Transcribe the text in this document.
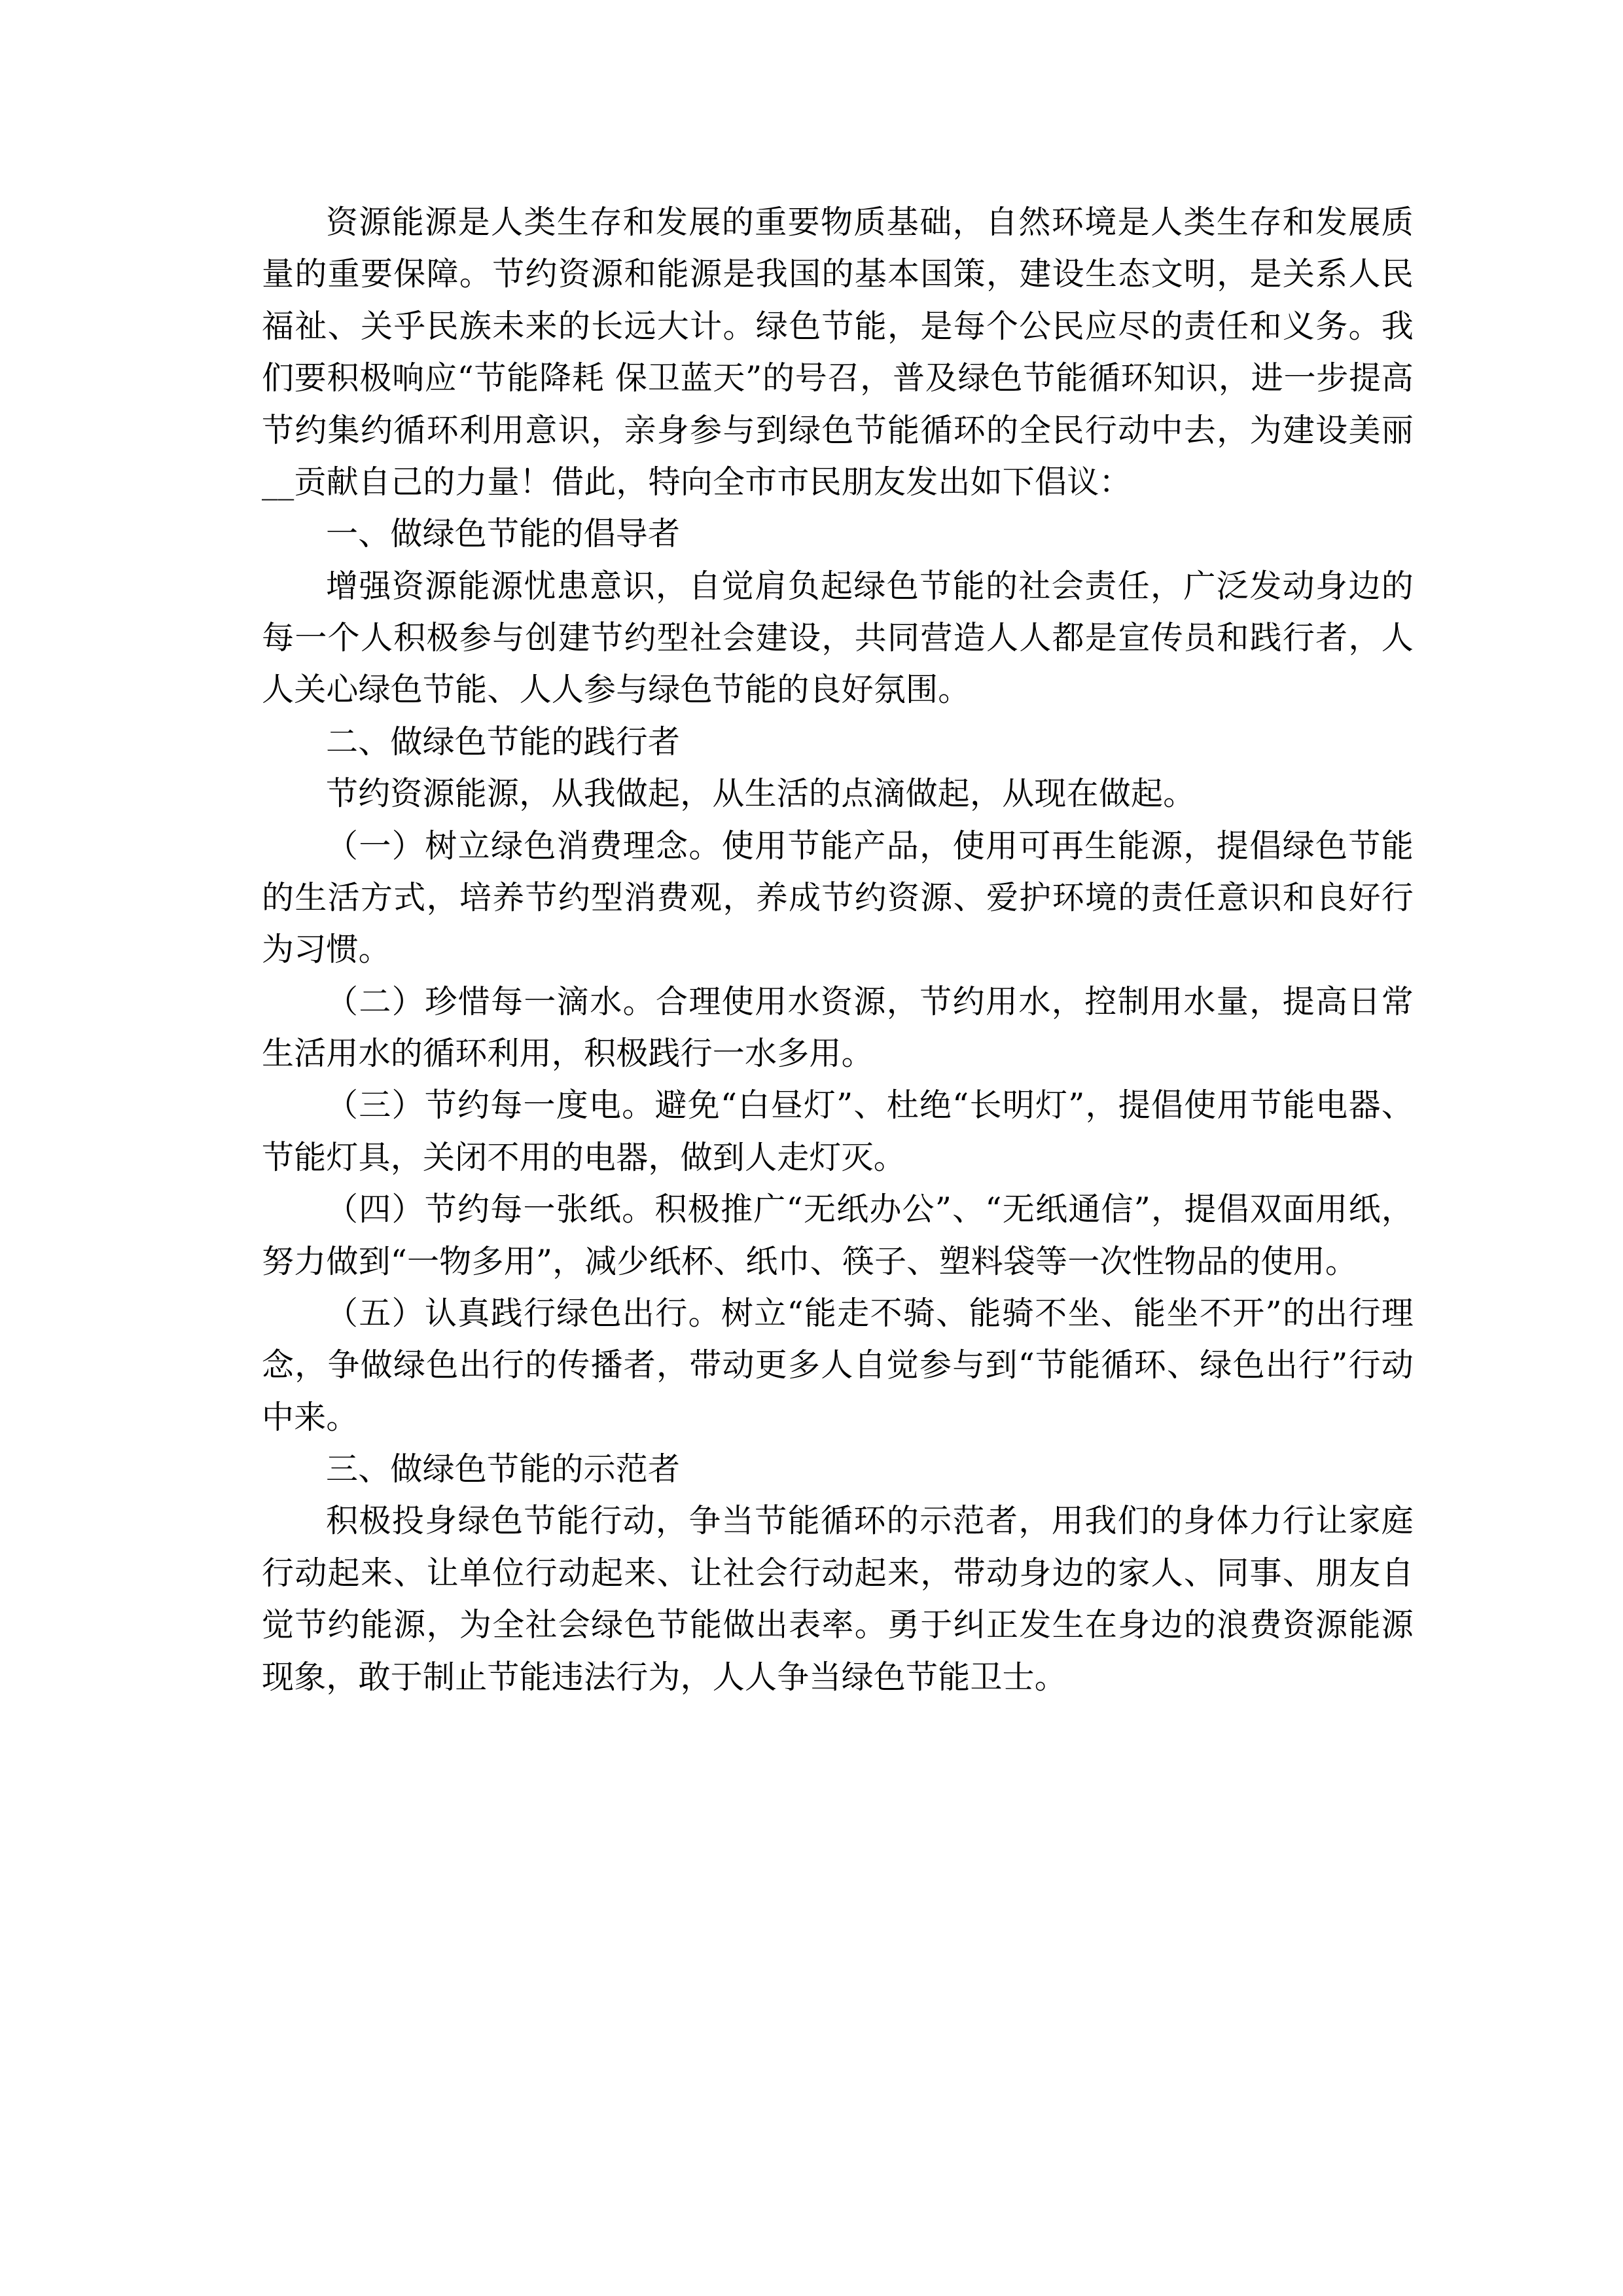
资源能源是人类生存和发展的重要物质基础，自然环境是人类生存和发展质量的重要保障。节约资源和能源是我国的基本国策，建设生态文明，是关系人民福祉、关乎民族未来的长远大计。绿色节能，是每个公民应尽的责任和义务。我们要积极响应“节能降耗 保卫蓝天”的号召，普及绿色节能循环知识，进一步提高节约集约循环利用意识，亲身参与到绿色节能循环的全民行动中去，为建设美丽__贡献自己的力量！借此，特向全市市民朋友发出如下倡议：

一、做绿色节能的倡导者

增强资源能源忧患意识，自觉肩负起绿色节能的社会责任，广泛发动身边的每一个人积极参与创建节约型社会建设，共同营造人人都是宣传员和践行者，人人关心绿色节能、人人参与绿色节能的良好氛围。

二、做绿色节能的践行者

节约资源能源，从我做起，从生活的点滴做起，从现在做起。

（一）树立绿色消费理念。使用节能产品，使用可再生能源，提倡绿色节能的生活方式，培养节约型消费观，养成节约资源、爱护环境的责任意识和良好行为习惯。

（二）珍惜每一滴水。合理使用水资源，节约用水，控制用水量，提高日常生活用水的循环利用，积极践行一水多用。

（三）节约每一度电。避免“白昼灯”、杜绝“长明灯”，提倡使用节能电器、节能灯具，关闭不用的电器，做到人走灯灭。

（四）节约每一张纸。积极推广“无纸办公”、“无纸通信”，提倡双面用纸，努力做到“一物多用”，减少纸杯、纸巾、筷子、塑料袋等一次性物品的使用。

（五）认真践行绿色出行。树立“能走不骑、能骑不坐、能坐不开”的出行理念，争做绿色出行的传播者，带动更多人自觉参与到“节能循环、绿色出行”行动中来。

三、做绿色节能的示范者

积极投身绿色节能行动，争当节能循环的示范者，用我们的身体力行让家庭行动起来、让单位行动起来、让社会行动起来，带动身边的家人、同事、朋友自觉节约能源，为全社会绿色节能做出表率。勇于纠正发生在身边的浪费资源能源现象，敢于制止节能违法行为，人人争当绿色节能卫士。
